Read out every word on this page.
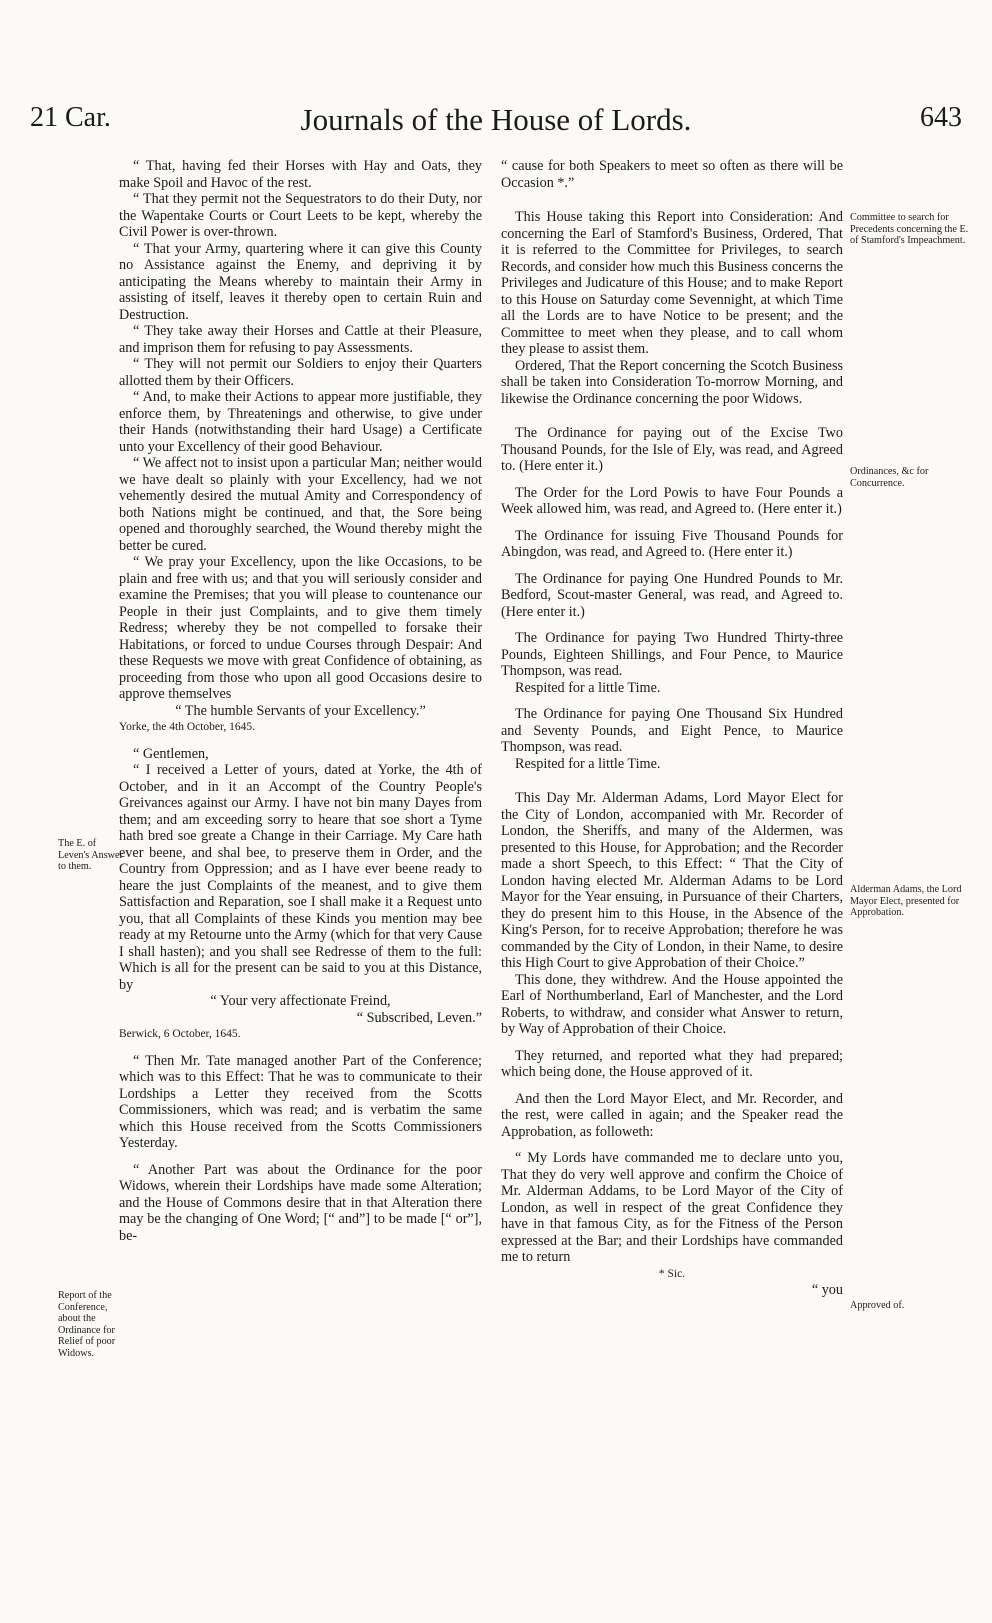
21 Car.	Journals of the House of Lords.	643

“ That, having fed their Horses with Hay and Oats, they make Spoil and Havoc of the rest.

“ That they permit not the Sequestrators to do their Duty, nor the Wapentake Courts or Court Leets to be kept, whereby the Civil Power is over-thrown.

“ That your Army, quartering where it can give this County no Assistance against the Enemy, and depriving it by anticipating the Means whereby to maintain their Army in assisting of itself, leaves it thereby open to certain Ruin and Destruction.

“ They take away their Horses and Cattle at their Pleasure, and imprison them for refusing to pay Assessments.

“ They will not permit our Soldiers to enjoy their Quarters allotted them by their Officers.

“ And, to make their Actions to appear more justifiable, they enforce them, by Threatenings and otherwise, to give under their Hands (notwithstanding their hard Usage) a Certificate unto your Excellency of their good Behaviour.

“ We affect not to insist upon a particular Man; neither would we have dealt so plainly with your Excellency, had we not vehemently desired the mutual Amity and Correspondency of both Nations might be continued, and that, the Sore being opened and thoroughly searched, the Wound thereby might the better be cured.

“ We pray your Excellency, upon the like Occasions, to be plain and free with us; and that you will seriously consider and examine the Premises; that you will please to countenance our People in their just Complaints, and to give them timely Redress; whereby they be not compelled to forsake their Habitations, or forced to undue Courses through Despair: And these Requests we move with great Confidence of obtaining, as proceeding from those who upon all good Occasions desire to approve themselves

“ The humble Servants of your Excellency.”

Yorke, the 4th October, 1645.

“ Gentlemen,

“ I received a Letter of yours, dated at Yorke, the 4th of October, and in it an Accompt of the Country People's Greivances against our Army. I have not bin many Dayes from them; and am exceeding sorry to heare that soe short a Tyme hath bred soe greate a Change in their Carriage. My Care hath ever beene, and shal bee, to preserve them in Order, and the Country from Oppression; and as I have ever beene ready to heare the just Complaints of the meanest, and to give them Sattisfaction and Reparation, soe I shall make it a Request unto you, that all Complaints of these Kinds you mention may bee ready at my Retourne unto the Army (which for that very Cause I shall hasten); and you shall see Redresse of them to the full: Which is all for the present can be said to you at this Distance, by

“ Your very affectionate Freind,

“ Subscribed, Leven.”

Berwick, 6 October, 1645.

“ Then Mr. Tate managed another Part of the Conference; which was to this Effect: That he was to communicate to their Lordships a Letter they received from the Scotts Commissioners, which was read; and is verbatim the same which this House received from the Scotts Commissioners Yesterday.

“ Another Part was about the Ordinance for the poor Widows, wherein their Lordships have made some Alteration; and the House of Commons desire that in that Alteration there may be the changing of One Word; [“ and”] to be made [“ or”], be-

“ cause for both Speakers to meet so often as there will be Occasion *.”

This House taking this Report into Consideration: And concerning the Earl of Stamford's Business, Ordered, That it is referred to the Committee for Privileges, to search Records, and consider how much this Business concerns the Privileges and Judicature of this House; and to make Report to this House on Saturday come Sevennight, at which Time all the Lords are to have Notice to be present; and the Committee to meet when they please, and to call whom they please to assist them.

Ordered, That the Report concerning the Scotch Business shall be taken into Consideration To-morrow Morning, and likewise the Ordinance concerning the poor Widows.

The Ordinance for paying out of the Excise Two Thousand Pounds, for the Isle of Ely, was read, and Agreed to. (Here enter it.)

The Order for the Lord Powis to have Four Pounds a Week allowed him, was read, and Agreed to. (Here enter it.)

The Ordinance for issuing Five Thousand Pounds for Abingdon, was read, and Agreed to. (Here enter it.)

The Ordinance for paying One Hundred Pounds to Mr. Bedford, Scout-master General, was read, and Agreed to. (Here enter it.)

The Ordinance for paying Two Hundred Thirty-three Pounds, Eighteen Shillings, and Four Pence, to Maurice Thompson, was read.

Respited for a little Time.

The Ordinance for paying One Thousand Six Hundred and Seventy Pounds, and Eight Pence, to Maurice Thompson, was read.

Respited for a little Time.

This Day Mr. Alderman Adams, Lord Mayor Elect for the City of London, accompanied with Mr. Recorder of London, the Sheriffs, and many of the Aldermen, was presented to this House, for Approbation; and the Recorder made a short Speech, to this Effect: “ That the City of London having elected Mr. Alderman Adams to be Lord Mayor for the Year ensuing, in Pursuance of their Charters, they do present him to this House, in the Absence of the King's Person, for to receive Approbation; therefore he was commanded by the City of London, in their Name, to desire this High Court to give Approbation of their Choice.”

This done, they withdrew. And the House appointed the Earl of Northumberland, Earl of Manchester, and the Lord Roberts, to withdraw, and consider what Answer to return, by Way of Approbation of their Choice.

They returned, and reported what they had prepared; which being done, the House approved of it.

And then the Lord Mayor Elect, and Mr. Recorder, and the rest, were called in again; and the Speaker read the Approbation, as followeth:

“ My Lords have commanded me to declare unto you, That they do very well approve and confirm the Choice of Mr. Alderman Addams, to be Lord Mayor of the City of London, as well in respect of the great Confidence they have in that famous City, as for the Fitness of the Person expressed at the Bar; and their Lordships have commanded me to return

* Sic.

“ you

The E. of Leven's Answer to them.
Report of the Conference, about the Ordinance for Relief of poor Widows.
Committee to search for Precedents concerning the E. of Stamford's Impeachment.
Ordinances, &c for Concurrence.
Alderman Adams, the Lord Mayor Elect, presented for Approbation.
Approved of.
